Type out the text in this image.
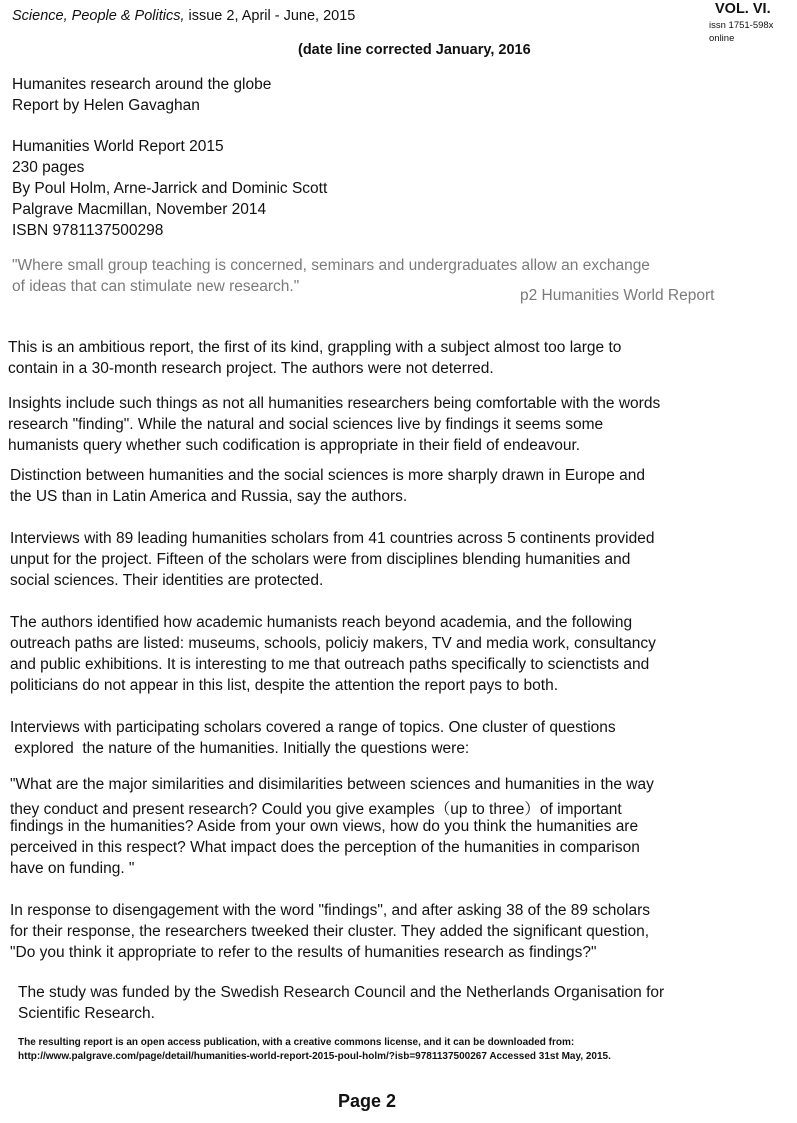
Science, People & Politics, issue 2, April - June, 2015	VOL. VI.
issn 1751-598x
online
(date line corrected January, 2016
Humanites research around the globe
Report by Helen Gavaghan
Humanities World Report 2015
230 pages
By Poul Holm, Arne-Jarrick and Dominic Scott
Palgrave Macmillan, November 2014
ISBN 9781137500298
"Where small group teaching is concerned, seminars and undergraduates allow an exchange
of ideas that can stimulate new research."
p2 Humanities World Report
This is an ambitious report, the first of its kind, grappling with a subject almost too large to
contain in a 30-month research project. The authors were not deterred.
Insights include such things as not all humanities researchers being comfortable with the words
research "finding". While the natural and social sciences live by findings it seems some
humanists query whether such codification is appropriate in their field of endeavour.
Distinction between humanities and the social sciences is more sharply drawn in Europe and
the US than in Latin America and Russia, say the authors.
Interviews with 89 leading humanities scholars from 41 countries across 5 continents provided
unput for the project. Fifteen of the scholars were from disciplines blending humanities and
social sciences. Their identities are protected.
The authors identified how academic humanists reach beyond academia, and the following
outreach paths are listed: museums, schools, policiy makers, TV and media work, consultancy
and public exhibitions. It is interesting to me that outreach paths specifically to scienctists and
politicians do not appear in this list, despite the attention the report pays to both.
Interviews with participating scholars covered a range of topics. One cluster of questions
explored  the nature of the humanities. Initially the questions were:
"What are the major similarities and disimilarities between sciences and humanities in the way
they conduct and present research? Could you give examples（up to three）of important
findings in the humanities? Aside from your own views, how do you think the humanities are
perceived in this respect? What impact does the perception of the humanities in comparison
have on funding. "
In response to disengagement with the word "findings", and after asking 38 of the 89 scholars
for their response, the researchers tweeked their cluster. They added the significant question,
"Do you think it appropriate to refer to the results of humanities research as findings?"
The study was funded by the Swedish Research Council and the Netherlands Organisation for
Scientific Research.
The resulting report is an open access publication, with a creative commons license, and it can be downloaded from:
http://www.palgrave.com/page/detail/humanities-world-report-2015-poul-holm/?isb=9781137500267 Accessed 31st May, 2015.
Page 2
